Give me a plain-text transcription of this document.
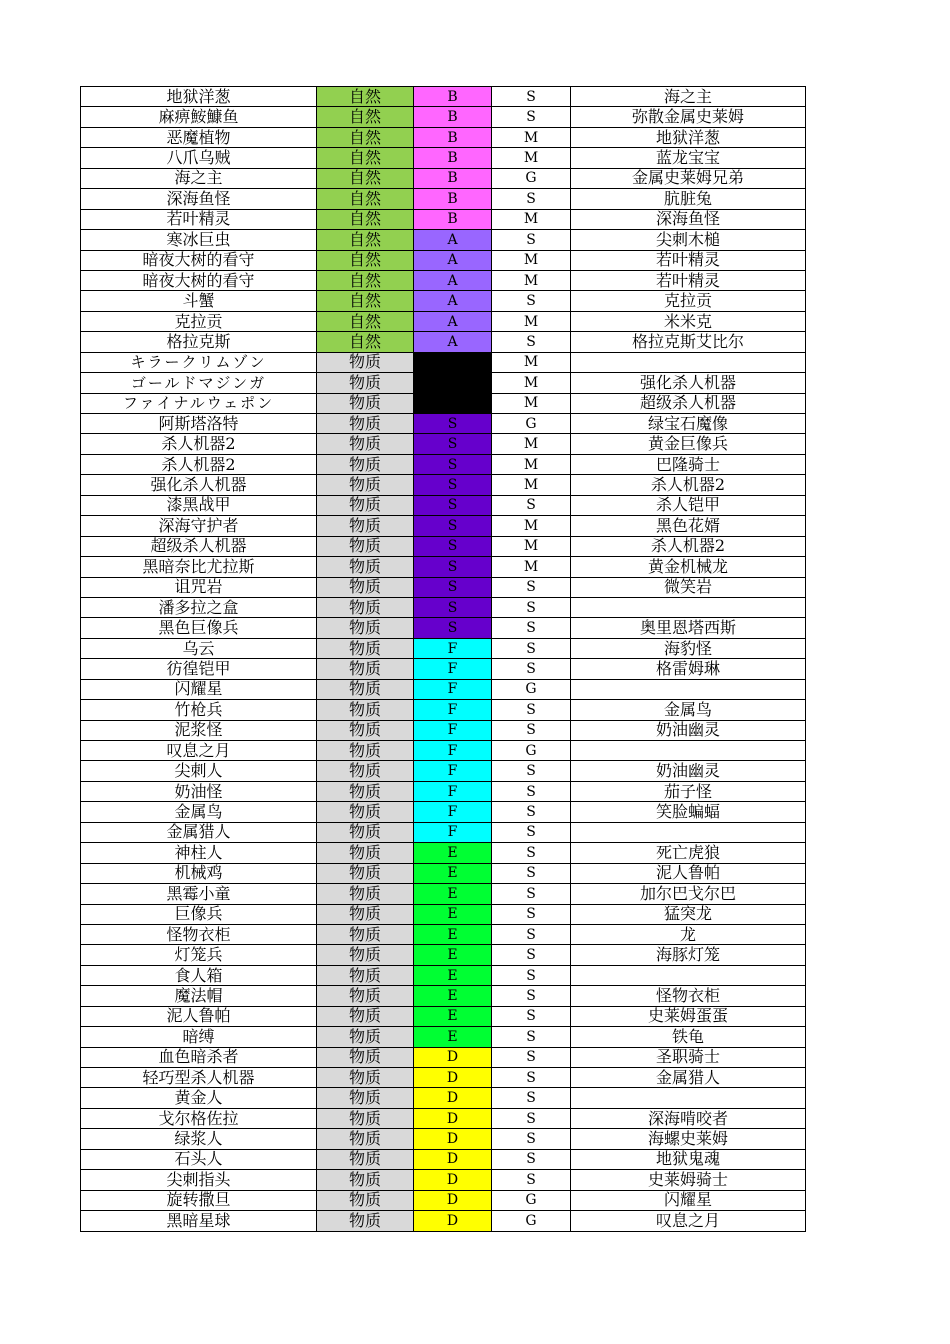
地狱洋葱	自然	B	S	海之主
麻痹鮟鱇鱼	自然	B	S	弥散金属史莱姆
恶魔植物	自然	B	M	地狱洋葱
八爪乌贼	自然	B	M	蓝龙宝宝
海之主	自然	B	G	金属史莱姆兄弟
深海鱼怪	自然	B	S	肮脏兔
若叶精灵	自然	B	M	深海鱼怪
寒冰巨虫	自然	A	S	尖刺木槌
暗夜大树的看守	自然	A	M	若叶精灵
暗夜大树的看守	自然	A	M	若叶精灵
斗蟹	自然	A	S	克拉贡
克拉贡	自然	A	M	米米克
格拉克斯	自然	A	S	格拉克斯艾比尔
キラークリムゾン	物质		M	
ゴールドマジンガ	物质		M	强化杀人机器
ファイナルウェポン	物质		M	超级杀人机器
阿斯塔洛特	物质	S	G	绿宝石魔像
杀人机器2	物质	S	M	黄金巨像兵
杀人机器2	物质	S	M	巴隆骑士
强化杀人机器	物质	S	M	杀人机器2
漆黑战甲	物质	S	S	杀人铠甲
深海守护者	物质	S	M	黑色花婿
超级杀人机器	物质	S	M	杀人机器2
黑暗奈比尤拉斯	物质	S	M	黄金机械龙
诅咒岩	物质	S	S	微笑岩
潘多拉之盒	物质	S	S	
黑色巨像兵	物质	S	S	奥里恩塔西斯
乌云	物质	F	S	海豹怪
彷徨铠甲	物质	F	S	格雷姆琳
闪耀星	物质	F	G	
竹枪兵	物质	F	S	金属鸟
泥浆怪	物质	F	S	奶油幽灵
叹息之月	物质	F	G	
尖刺人	物质	F	S	奶油幽灵
奶油怪	物质	F	S	茄子怪
金属鸟	物质	F	S	笑脸蝙蝠
金属猎人	物质	F	S	
神柱人	物质	E	S	死亡虎狼
机械鸡	物质	E	S	泥人鲁帕
黑霉小童	物质	E	S	加尔巴戈尔巴
巨像兵	物质	E	S	猛突龙
怪物衣柜	物质	E	S	龙
灯笼兵	物质	E	S	海豚灯笼
食人箱	物质	E	S	
魔法帽	物质	E	S	怪物衣柜
泥人鲁帕	物质	E	S	史莱姆蛋蛋
暗缚	物质	E	S	铁龟
血色暗杀者	物质	D	S	圣职骑士
轻巧型杀人机器	物质	D	S	金属猎人
黄金人	物质	D	S	
戈尔格佐拉	物质	D	S	深海啃咬者
绿浆人	物质	D	S	海螺史莱姆
石头人	物质	D	S	地狱鬼魂
尖刺指头	物质	D	S	史莱姆骑士
旋转撒旦	物质	D	G	闪耀星
黑暗星球	物质	D	G	叹息之月
